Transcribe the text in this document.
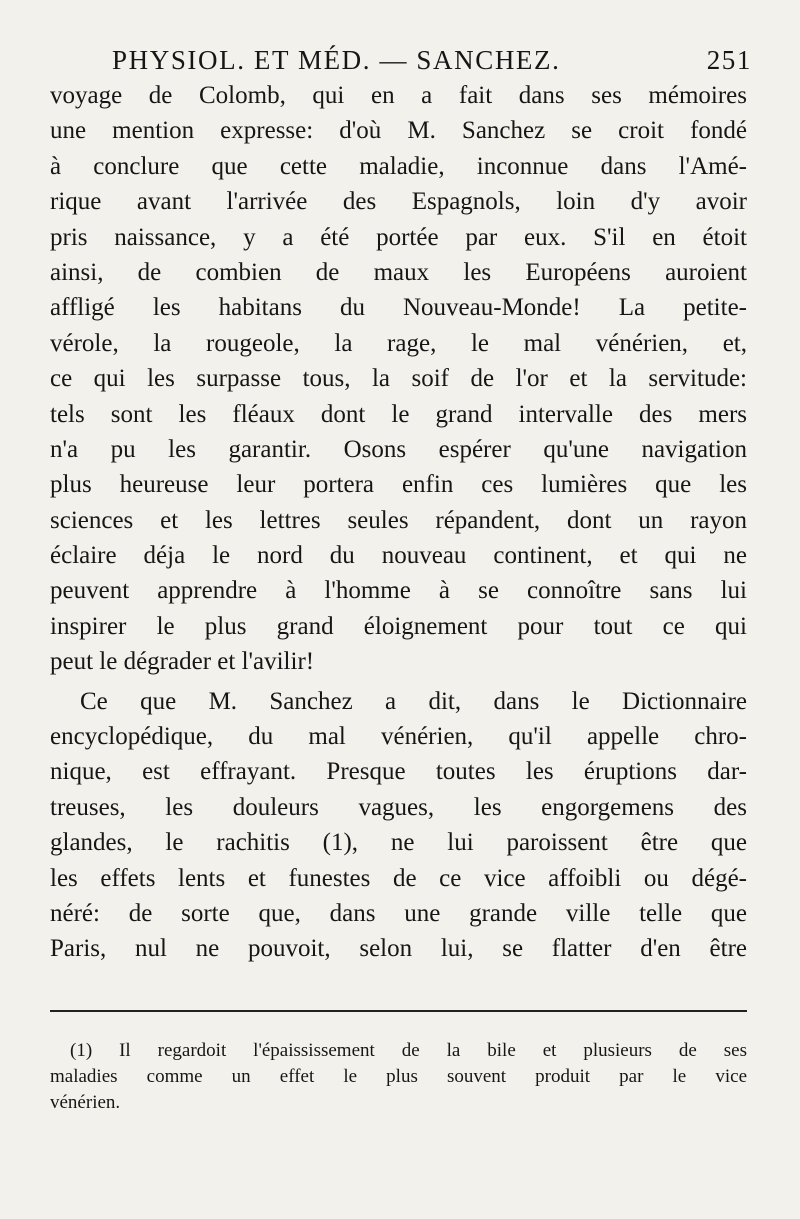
PHYSIOL. ET MÉD. — SANCHEZ.	251
voyage de Colomb, qui en a fait dans ses mémoires
une mention expresse: d'où M. Sanchez se croit fondé
à conclure que cette maladie, inconnue dans l'Amé-
rique avant l'arrivée des Espagnols, loin d'y avoir
pris naissance, y a été portée par eux. S'il en étoit
ainsi, de combien de maux les Européens auroient
affligé les habitans du Nouveau-Monde! La petite-
vérole, la rougeole, la rage, le mal vénérien, et,
ce qui les surpasse tous, la soif de l'or et la servitude:
tels sont les fléaux dont le grand intervalle des mers
n'a pu les garantir. Osons espérer qu'une navigation
plus heureuse leur portera enfin ces lumières que les
sciences et les lettres seules répandent, dont un rayon
éclaire déja le nord du nouveau continent, et qui ne
peuvent apprendre à l'homme à se connoître sans lui
inspirer le plus grand éloignement pour tout ce qui
peut le dégrader et l'avilir!
Ce que M. Sanchez a dit, dans le Dictionnaire
encyclopédique, du mal vénérien, qu'il appelle chro-
nique, est effrayant. Presque toutes les éruptions dar-
treuses, les douleurs vagues, les engorgemens des
glandes, le rachitis (1), ne lui paroissent être que
les effets lents et funestes de ce vice affoibli ou dégé-
néré: de sorte que, dans une grande ville telle que
Paris, nul ne pouvoit, selon lui, se flatter d'en être
(1) Il regardoit l'épaississement de la bile et plusieurs de ses
maladies comme un effet le plus souvent produit par le vice
vénérien.
